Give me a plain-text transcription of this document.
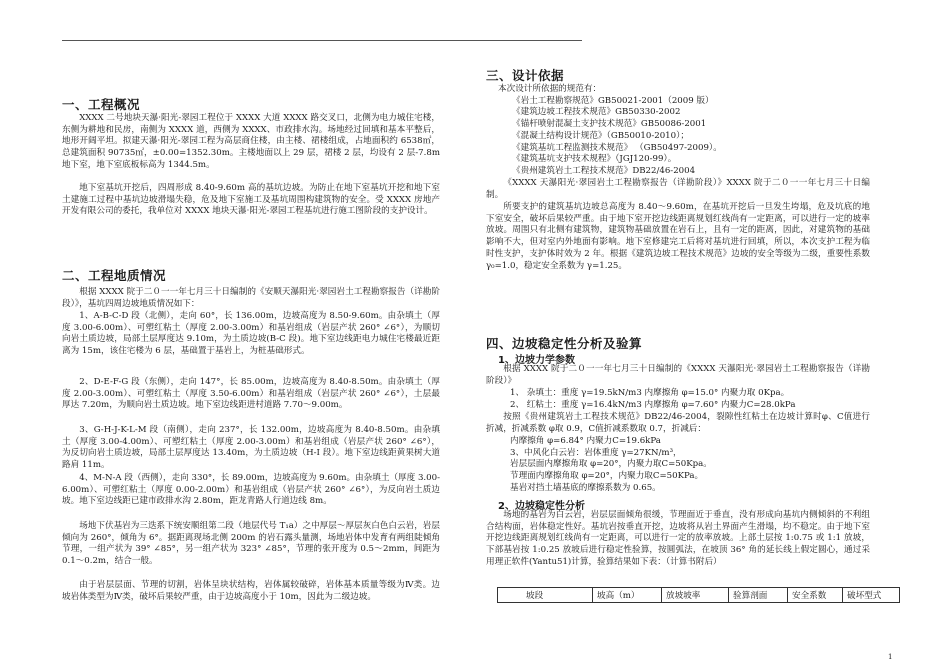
一、工程概况
XXXX 二号地块天瀑·阳光-翠园工程位于 XXXX 大道 XXXX 路交叉口，北侧为电力城住宅楼，东侧为耕地和民房，南侧为 XXXX 道，西侧为 XXXX、市政排水沟。场地经过回填和基本平整后，地形开阔平坦。拟建天瀑·阳光-翠园工程为高层商住楼，由主楼、裙楼组成，占地面积约 6538㎡，总建筑面积 90735㎡，±0.00=1352.30m。主楼地面以上 29 层，裙楼 2 层，均设有 2 层-7.8m 地下室，地下室底板标高为 1344.5m。
地下室基坑开挖后，四周形成 8.40-9.60m 高的基坑边坡。为防止在地下室基坑开挖和地下室土建施工过程中基坑边坡滑塌失稳，危及地下室施工及基坑周围构建筑物的安全。受 XXXX 房地产开发有限公司的委托，我单位对 XXXX 地块天瀑·阳光-翠园工程基坑进行施工图阶段的支护设计。
二、工程地质情况
根据 XXXX 院于二０一一年七月三十日编制的《安顺天瀑阳光·翠园岩土工程勘察报告（详勘阶段）》，基坑四周边坡地质情况如下：
1、A-B-C-D 段（北侧），走向 60°，长 136.00m，边坡高度为 8.50-9.60m。由杂填土（厚度 3.00-6.00m）、可塑红粘土（厚度 2.00-3.00m）和基岩组成（岩层产状 260° ∠6°），为顺切向岩土质边坡，局部土层厚度达 9.10m，为土质边坡(B-C 段)。地下室边线距电力城住宅楼最近距离为 15m，该住宅楼为 6 层，基础置于基岩上，为桩基础形式。
2、D-E-F-G 段（东侧），走向 147°，长 85.00m，边坡高度为 8.40-8.50m。由杂填土（厚度 2.00-3.00m）、可塑红粘土（厚度 3.50-6.00m）和基岩组成（岩层产状 260° ∠6°），土层最厚达 7.20m，为顺向岩土质边坡。地下室边线距进村道路 7.70～9.00m。
3、G-H-J-K-L-M 段（南侧），走向 237°，长 132.00m，边坡高度为 8.40-8.50m。由杂填土（厚度 3.00-4.00m）、可塑红粘土（厚度 2.00-3.00m）和基岩组成（岩层产状 260° ∠6°），为反切向岩土质边坡，局部土层厚度达 13.40m，为土质边坡（H-I 段）。地下室边线距黄果树大道路肩 11m。
4、M-N-A 段（西侧），走向 330°，长 89.00m，边坡高度为 9.60m。由杂填土（厚度 3.00-6.00m）、可塑红粘土（厚度 0.00-2.00m）和基岩组成（岩层产状 260° ∠6°），为反向岩土质边坡。地下室边线距已建市政排水沟 2.80m，距龙青路人行道边线 8m。
场地下伏基岩为三迭系下统安顺组第二段（地层代号 T₁a）之中厚层～厚层灰白色白云岩，岩层倾向为 260°，倾角为 6°。据距离现场北侧 200m 的岩石露头量测，场地岩体中发育有两组陡倾角节理，一组产状为 39° ∠85°，另一组产状为 323° ∠85°，节理的张开度为 0.5～2mm，间距为 0.1～0.2m，结合一般。
由于岩层层面、节理的切割，岩体呈块状结构，岩体属较破碎，岩体基本质量等级为Ⅳ类。边坡岩体类型为Ⅳ类，破坏后果较严重，由于边坡高度小于 10m，因此为二级边坡。
三、设计依据
本次设计所依据的规范有：
《岩土工程勘察规范》GB50021-2001（2009 版）
《建筑边坡工程技术规范》GB50330-2002
《锚杆喷射混凝土支护技术规范》GB50086-2001
《混凝土结构设计规范》（GB50010-2010）；
《建筑基坑工程监测技术规范》 （GB50497-2009）。
《建筑基坑支护技术规程》（JGJ120-99）。
《贵州建筑岩土工程技术规范》DB22/46-2004
《XXXX 天瀑阳光·翠园岩土工程勘察报告（详勘阶段）》XXXX 院于二０一一年七月三十日编制。
所要支护的建筑基坑边坡总高度为 8.40～9.60m，在基坑开挖后一旦发生垮塌，危及坑底的地下室安全，破坏后果较严重。由于地下室开挖边线距离规划红线尚有一定距离，可以进行一定的坡率放坡。周围只有北侧有建筑物，建筑物基础放置在岩石上，且有一定的距离，因此，对建筑物的基础影响不大，但对室内外地面有影响。地下室修建完工后将对基坑进行回填，所以，本次支护工程为临时性支护，支护体时效为 2 年。根据《建筑边坡工程技术规范》边坡的安全等级为二级，重要性系数 γ₀=1.0，稳定安全系数为 γ=1.25。
四、边坡稳定性分析及验算
1、边坡力学参数
根据 XXXX 院于二０一一年七月三十日编制的《XXXX 天瀑阳光·翠园岩土工程勘察报告（详勘阶段）》
1、 杂填土：重度 γ=19.5kN/m3 内摩擦角 φ=15.0° 内聚力取 0Kpa。
2、 红粘土：重度 γ=16.4kN/m3 内摩擦角 φ=7.60° 内聚力C=28.0kPa
按照《贵州建筑岩土工程技术规范》DB22/46-2004，裂隙性红粘土在边坡计算时φ、C值进行折减，折减系数 φ取 0.9，C值折减系数取 0.7，折减后：
内摩擦角 φ=6.84° 内聚力C=19.6kPa
3、中风化白云岩：岩体重度 γ=27KN/m³，
岩层层面内摩擦角取 φ=20°，内聚力取C=50Kpa。
节理面内摩擦角取 φ=20°，内聚力取C=50KPa。
基岩对挡土墙基底的摩擦系数为 0.65。
2、边坡稳定性分析
场地的基岩为白云岩，岩层层面倾角很缓，节理面近于垂直，没有形成向基坑内侧倾斜的不利组合结构面，岩体稳定性好。基坑岩按垂直开挖，边坡将从岩土界面产生滑塌，均不稳定。由于地下室开挖边线距离规划红线尚有一定距离，可以进行一定的放率放坡。上部土层按 1:0.75 或 1:1 放坡，下部基岩按 1:0.25 放坡后进行稳定性验算，按圆弧法，在坡顶 36° 角的延长线上假定圆心，通过采用理正软件(Yantu51)计算，验算结果如下表：（计算书附后）
坡段	坡高（m）	放坡坡率	验算剖面	安全系数	破坏型式
1
